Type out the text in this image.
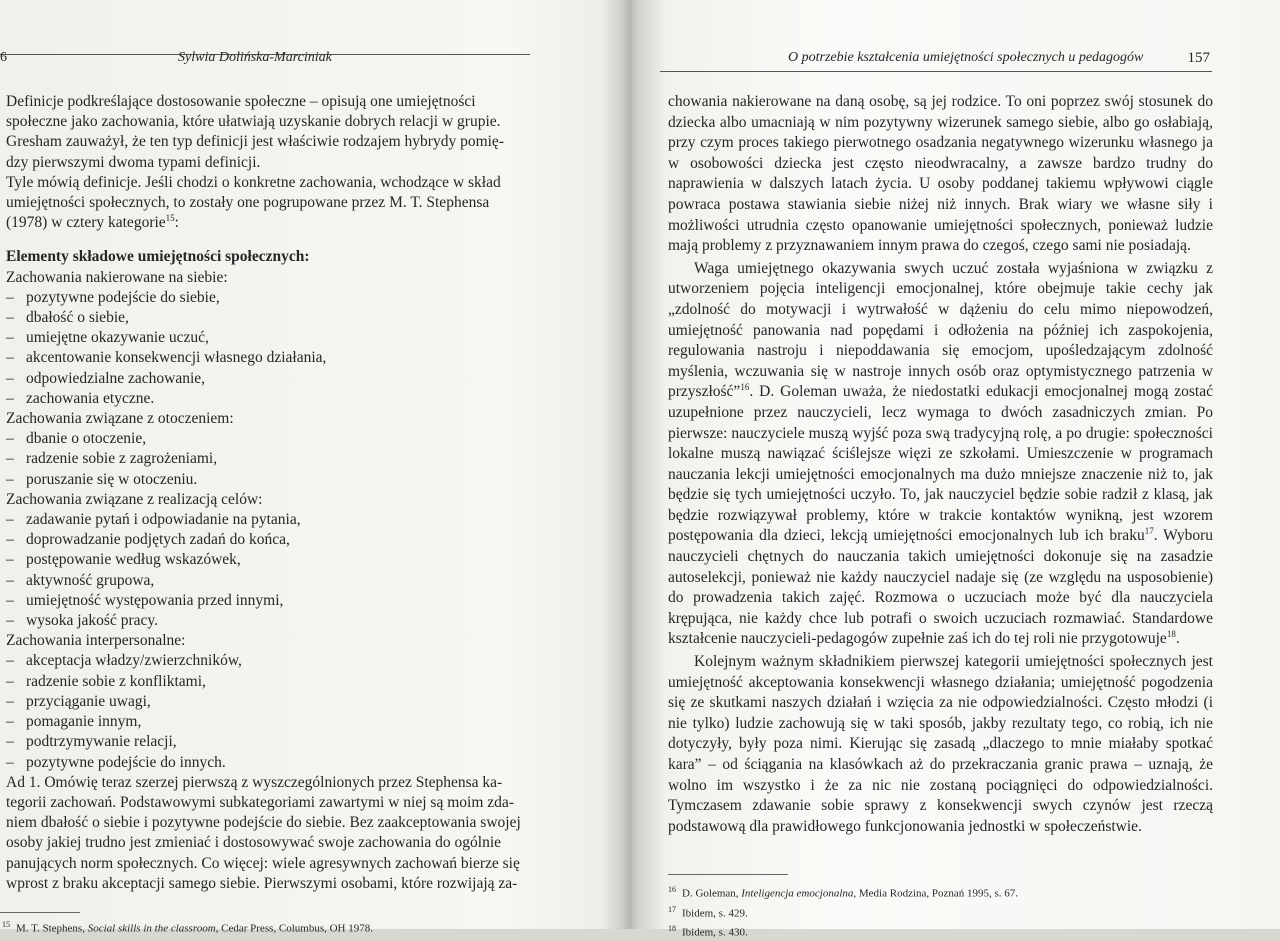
6	Sylwia Dolińska-Marciniak
Definicje podkreślające dostosowanie społeczne – opisują one umiejętności
społeczne jako zachowania, które ułatwiają uzyskanie dobrych relacji w grupie.
Gresham zauważył, że ten typ definicji jest właściwie rodzajem hybrydy pomię-
dzy pierwszymi dwoma typami definicji.
Tyle mówią definicje. Jeśli chodzi o konkretne zachowania, wchodzące w skład
umiejętności społecznych, to zostały one pogrupowane przez M. T. Stephensa
(1978) w cztery kategorie$^{15}$:
Elementy składowe umiejętności społecznych:
Zachowania nakierowane na siebie:
– pozytywne podejście do siebie,
– dbałość o siebie,
– umiejętne okazywanie uczuć,
– akcentowanie konsekwencji własnego działania,
– odpowiedzialne zachowanie,
– zachowania etyczne.
Zachowania związane z otoczeniem:
– dbanie o otoczenie,
– radzenie sobie z zagrożeniami,
– poruszanie się w otoczeniu.
Zachowania związane z realizacją celów:
– zadawanie pytań i odpowiadanie na pytania,
– doprowadzanie podjętych zadań do końca,
– postępowanie według wskazówek,
– aktywność grupowa,
– umiejętność występowania przed innymi,
– wysoka jakość pracy.
Zachowania interpersonalne:
– akceptacja władzy/zwierzchników,
– radzenie sobie z konfliktami,
– przyciąganie uwagi,
– pomaganie innym,
– podtrzymywanie relacji,
– pozytywne podejście do innych.
Ad 1. Omówię teraz szerzej pierwszą z wyszczególnionych przez Stephensa ka-
tegorii zachowań. Podstawowymi subkategoriami zawartymi w niej są moim zda-
niem dbałość o siebie i pozytywne podejście do siebie. Bez zaakceptowania swojej
osoby jakiej trudno jest zmieniać i dostosowywać swoje zachowania do ogólnie
panujących norm społecznych. Co więcej: wiele agresywnych zachowań bierze się
wprost z braku akceptacji samego siebie. Pierwszymi osobami, które rozwijają za-
$^{15}$ M. T. Stephens, Social skills in the classroom, Cedar Press, Columbus, OH 1978.
O potrzebie kształcenia umiejętności społecznych u pedagogów	157

chowania nakierowane na daną osobę, są jej rodzice. To oni poprzez swój stosunek do dziecka albo umacniają w nim pozytywny wizerunek samego siebie, albo go osłabiają, przy czym proces takiego pierwotnego osadzania negatywnego wizerunku własnego ja w osobowości dziecka jest często nieodwracalny, a zawsze bardzo trudny do naprawienia w dalszych latach życia. U osoby poddanej takiemu wpływowi ciągle powraca postawa stawiania siebie niżej niż innych. Brak wiary we własne siły i możliwości utrudnia często opanowanie umiejętności społecznych, ponieważ ludzie mają problemy z przyznawaniem innym prawa do czegoś, czego sami nie posiadają.

Waga umiejętnego okazywania swych uczuć została wyjaśniona w związku z utworzeniem pojęcia inteligencji emocjonalnej, które obejmuje takie cechy jak „zdolność do motywacji i wytrwałość w dążeniu do celu mimo niepowodzeń, umiejętność panowania nad popędami i odłożenia na później ich zaspokojenia, regulowania nastroju i niepoddawania się emocjom, upośledzającym zdolność myślenia, wczuwania się w nastroje innych osób oraz optymistycznego patrzenia w przyszłość”$^{16}$. D. Goleman uważa, że niedostatki edukacji emocjonalnej mogą zostać uzupełnione przez nauczycieli, lecz wymaga to dwóch zasadniczych zmian. Po pierwsze: nauczyciele muszą wyjść poza swą tradycyjną rolę, a po drugie: społeczności lokalne muszą nawiązać ściślejsze więzi ze szkołami. Umieszczenie w programach nauczania lekcji umiejętności emocjonalnych ma dużo mniejsze znaczenie niż to, jak będzie się tych umiejętności uczyło. To, jak nauczyciel będzie sobie radził z klasą, jak będzie rozwiązywał problemy, które w trakcie kontaktów wynikną, jest wzorem postępowania dla dzieci, lekcją umiejętności emocjonalnych lub ich braku$^{17}$. Wyboru nauczycieli chętnych do nauczania takich umiejętności dokonuje się na zasadzie autoselekcji, ponieważ nie każdy nauczyciel nadaje się (ze względu na usposobienie) do prowadzenia takich zajęć. Rozmowa o uczuciach może być dla nauczyciela krępująca, nie każdy chce lub potrafi o swoich uczuciach rozmawiać. Standardowe kształcenie nauczycieli-pedagogów zupełnie zaś ich do tej roli nie przygotowuje$^{18}$.

Kolejnym ważnym składnikiem pierwszej kategorii umiejętności społecznych jest umiejętność akceptowania konsekwencji własnego działania; umiejętność pogodzenia się ze skutkami naszych działań i wzięcia za nie odpowiedzialności. Często młodzi (i nie tylko) ludzie zachowują się w taki sposób, jakby rezultaty tego, co robią, ich nie dotyczyły, były poza nimi. Kierując się zasadą „dlaczego to mnie miałaby spotkać kara” – od ściągania na klasówkach aż do przekraczania granic prawa – uznają, że wolno im wszystko i że za nic nie zostaną pociągnięci do odpowiedzialności. Tymczasem zdawanie sobie sprawy z konsekwencji swych czynów jest rzeczą podstawową dla prawidłowego funkcjonowania jednostki w społeczeństwie.

$^{16}$ D. Goleman, Inteligencja emocjonalna, Media Rodzina, Poznań 1995, s. 67.
$^{17}$ Ibidem, s. 429.
$^{18}$ Ibidem, s. 430.
